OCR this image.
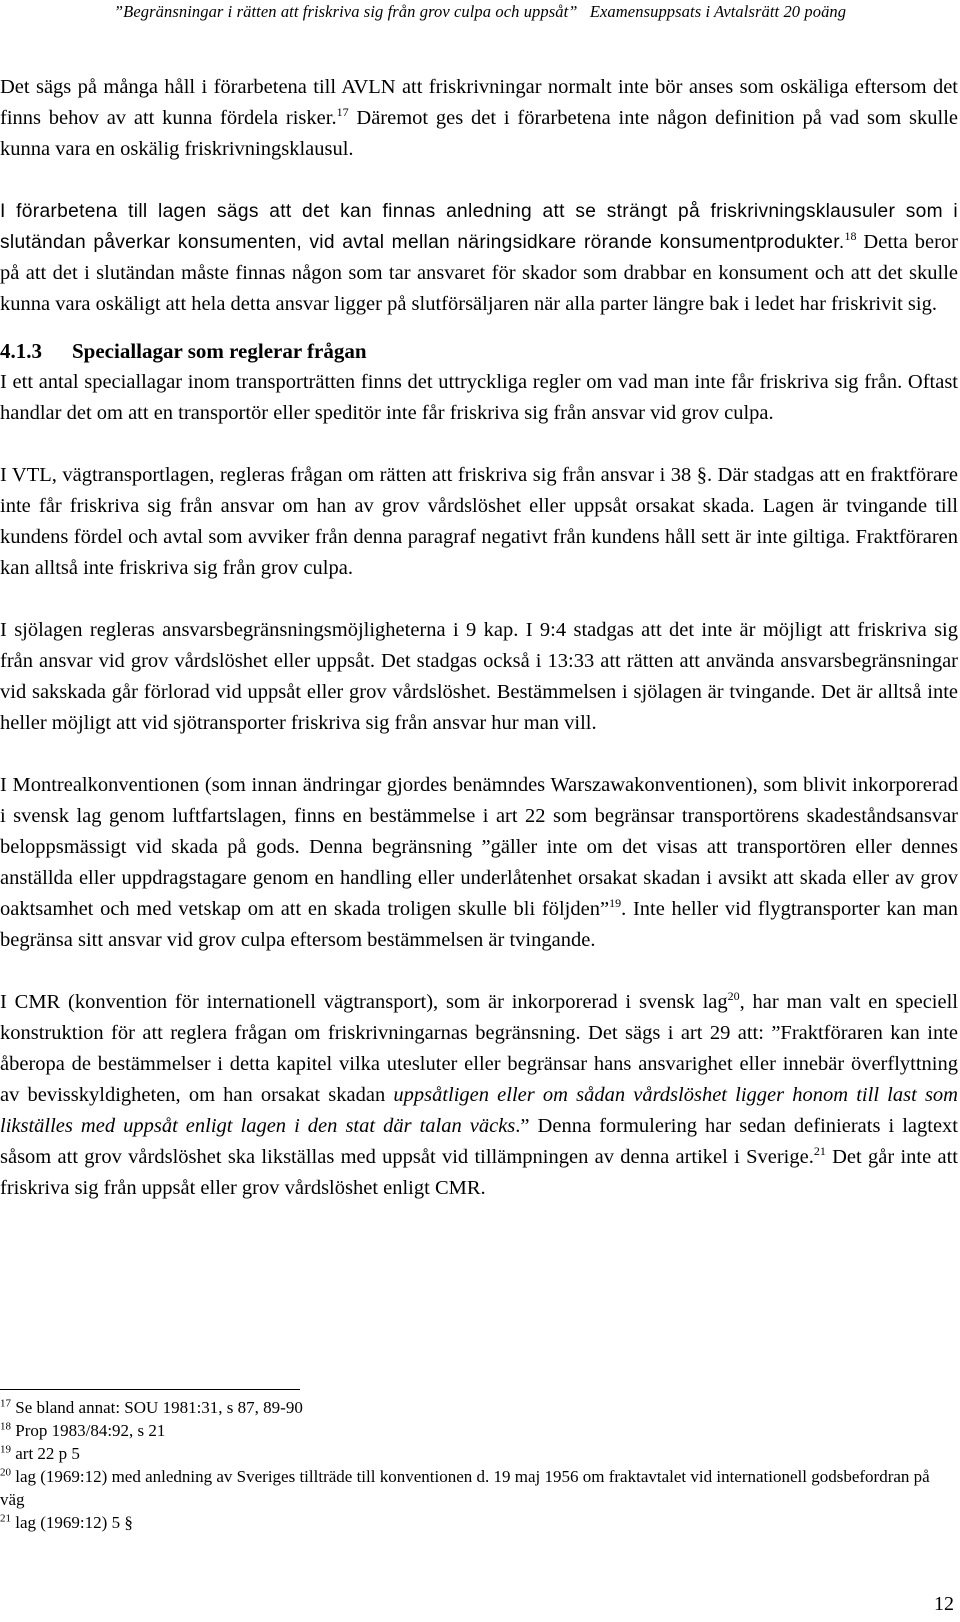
”Begränsningar i rätten att friskriva sig från grov culpa och uppsåt” Examensuppsats i Avtalsrätt 20 poäng

Det sägs på många håll i förarbetena till AVLN att friskrivningar normalt inte bör anses som oskäliga eftersom det finns behov av att kunna fördela risker.$^{17}$ Däremot ges det i förarbetena inte någon definition på vad som skulle kunna vara en oskälig friskrivningsklausul.

I förarbetena till lagen sägs att det kan finnas anledning att se strängt på friskrivningsklausuler som i slutändan påverkar konsumenten, vid avtal mellan näringsidkare rörande konsumentprodukter.$^{18}$ Detta beror på att det i slutändan måste finnas någon som tar ansvaret för skador som drabbar en konsument och att det skulle kunna vara oskäligt att hela detta ansvar ligger på slutförsäljaren när alla parter längre bak i ledet har friskrivit sig.

4.1.3 Speciallagar som reglerar frågan

I ett antal speciallagar inom transporträtten finns det uttryckliga regler om vad man inte får friskriva sig från. Oftast handlar det om att en transportör eller speditör inte får friskriva sig från ansvar vid grov culpa.

I VTL, vägtransportlagen, regleras frågan om rätten att friskriva sig från ansvar i 38 §. Där stadgas att en fraktförare inte får friskriva sig från ansvar om han av grov vårdslöshet eller uppsåt orsakat skada. Lagen är tvingande till kundens fördel och avtal som avviker från denna paragraf negativt från kundens håll sett är inte giltiga. Fraktföraren kan alltså inte friskriva sig från grov culpa.

I sjölagen regleras ansvarsbegränsningsmöjligheterna i 9 kap. I 9:4 stadgas att det inte är möjligt att friskriva sig från ansvar vid grov vårdslöshet eller uppsåt. Det stadgas också i 13:33 att rätten att använda ansvarsbegränsningar vid sakskada går förlorad vid uppsåt eller grov vårdslöshet. Bestämmelsen i sjölagen är tvingande. Det är alltså inte heller möjligt att vid sjötransporter friskriva sig från ansvar hur man vill.

I Montrealkonventionen (som innan ändringar gjordes benämndes Warszawakonventionen), som blivit inkorporerad i svensk lag genom luftfartslagen, finns en bestämmelse i art 22 som begränsar transportörens skadeståndsansvar beloppsmässigt vid skada på gods. Denna begränsning ”gäller inte om det visas att transportören eller dennes anställda eller uppdragstagare genom en handling eller underlåtenhet orsakat skadan i avsikt att skada eller av grov oaktsamhet och med vetskap om att en skada troligen skulle bli följden”$^{19}$. Inte heller vid flygtransporter kan man begränsa sitt ansvar vid grov culpa eftersom bestämmelsen är tvingande.

I CMR (konvention för internationell vägtransport), som är inkorporerad i svensk lag$^{20}$, har man valt en speciell konstruktion för att reglera frågan om friskrivningarnas begränsning. Det sägs i art 29 att: ”Fraktföraren kan inte åberopa de bestämmelser i detta kapitel vilka utesluter eller begränsar hans ansvarighet eller innebär överflyttning av bevisskyldigheten, om han orsakat skadan uppsåtligen eller om sådan vårdslöshet ligger honom till last som likställes med uppsåt enligt lagen i den stat där talan väcks.” Denna formulering har sedan definierats i lagtext såsom att grov vårdslöshet ska likställas med uppsåt vid tillämpningen av denna artikel i Sverige.$^{21}$ Det går inte att friskriva sig från uppsåt eller grov vårdslöshet enligt CMR.

$^{17}$ Se bland annat: SOU 1981:31, s 87, 89-90
$^{18}$ Prop 1983/84:92, s 21
$^{19}$ art 22 p 5
$^{20}$ lag (1969:12) med anledning av Sveriges tillträde till konventionen d. 19 maj 1956 om fraktavtalet vid internationell godsbefordran på väg
$^{21}$ lag (1969:12) 5 §
12
